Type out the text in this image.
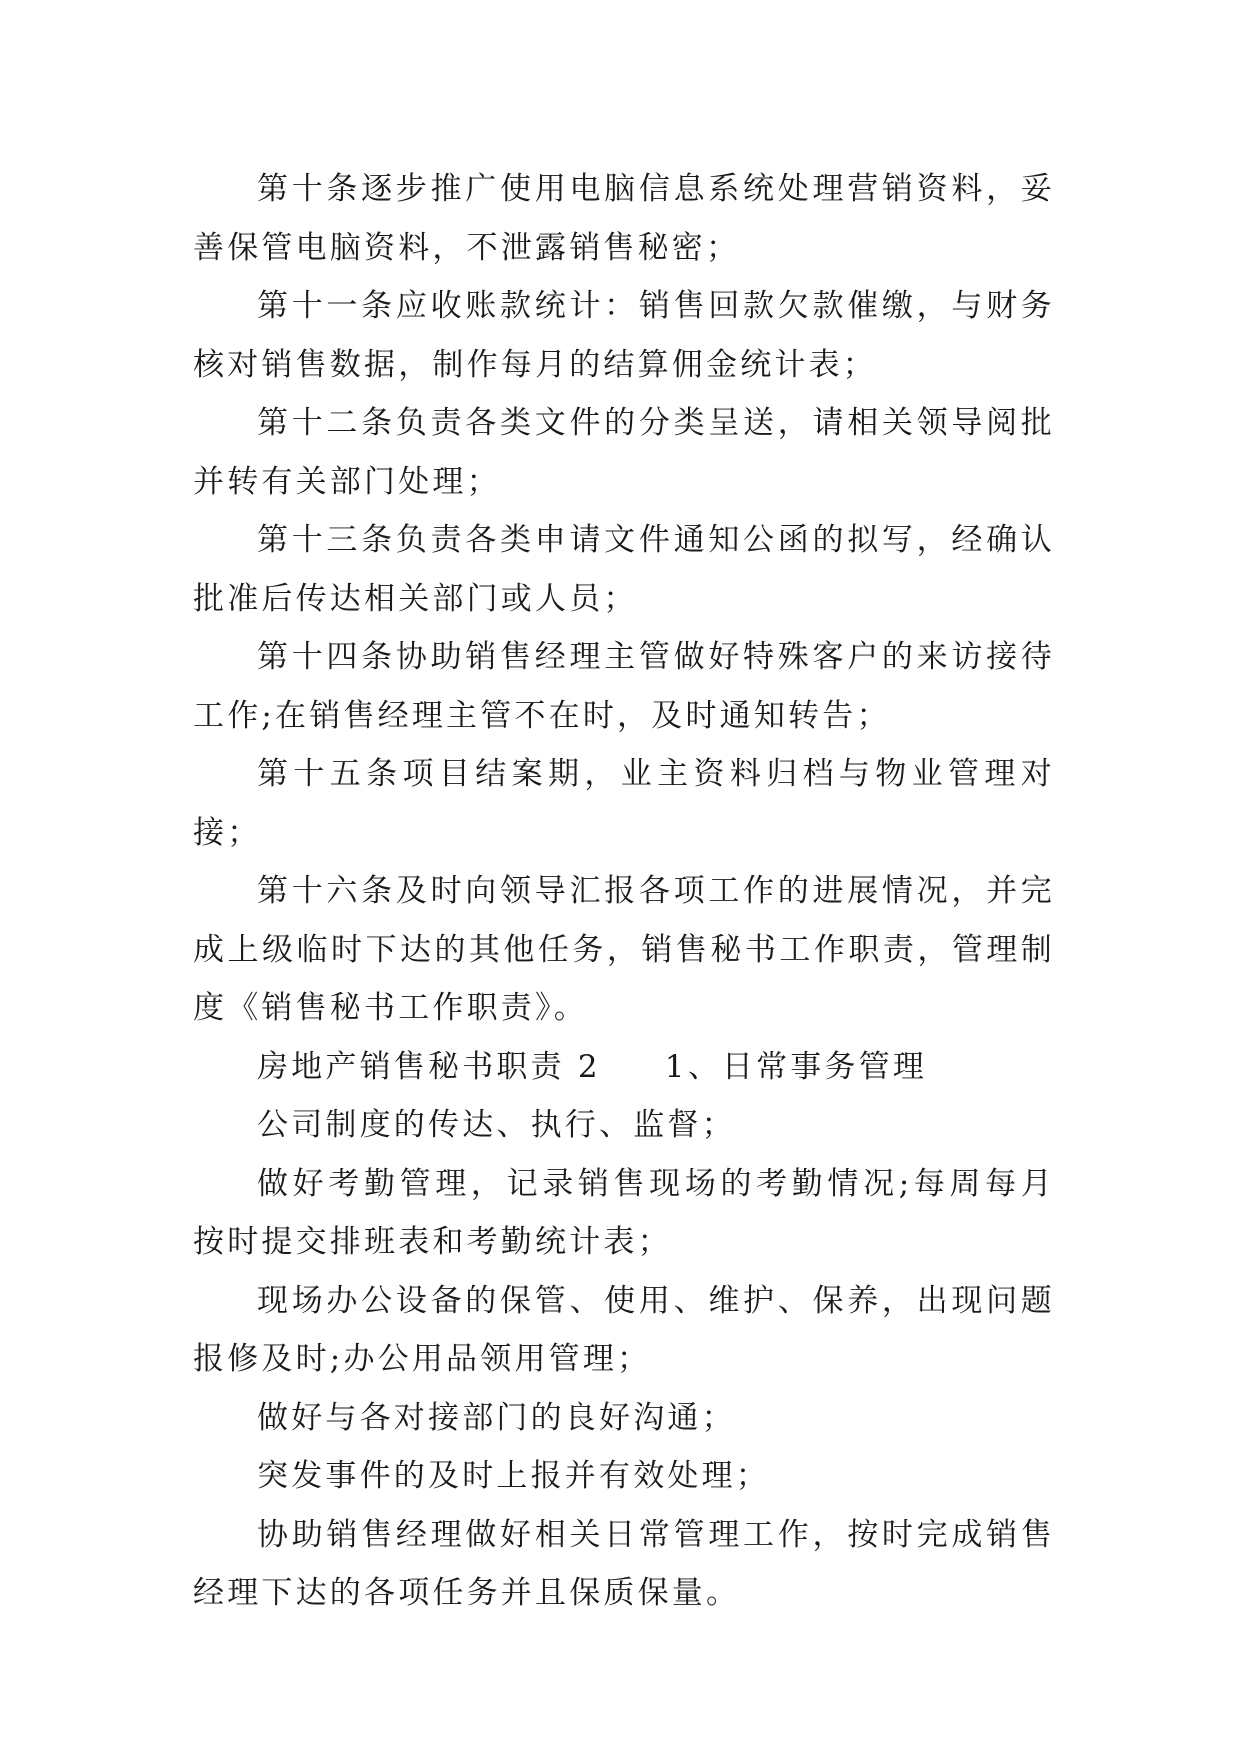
第十条逐步推广使用电脑信息系统处理营销资料，妥善保管电脑资料，不泄露销售秘密；

第十一条应收账款统计：销售回款欠款催缴，与财务核对销售数据，制作每月的结算佣金统计表；

第十二条负责各类文件的分类呈送，请相关领导阅批并转有关部门处理；

第十三条负责各类申请文件通知公函的拟写，经确认批准后传达相关部门或人员；

第十四条协助销售经理主管做好特殊客户的来访接待工作;在销售经理主管不在时，及时通知转告；

第十五条项目结案期，业主资料归档与物业管理对接；

第十六条及时向领导汇报各项工作的进展情况，并完成上级临时下达的其他任务，销售秘书工作职责，管理制度《销售秘书工作职责》。

房地产销售秘书职责 2 1、日常事务管理

公司制度的传达、执行、监督；

做好考勤管理，记录销售现场的考勤情况;每周每月按时提交排班表和考勤统计表；

现场办公设备的保管、使用、维护、保养，出现问题报修及时;办公用品领用管理；

做好与各对接部门的良好沟通；

突发事件的及时上报并有效处理；

协助销售经理做好相关日常管理工作，按时完成销售经理下达的各项任务并且保质保量。
